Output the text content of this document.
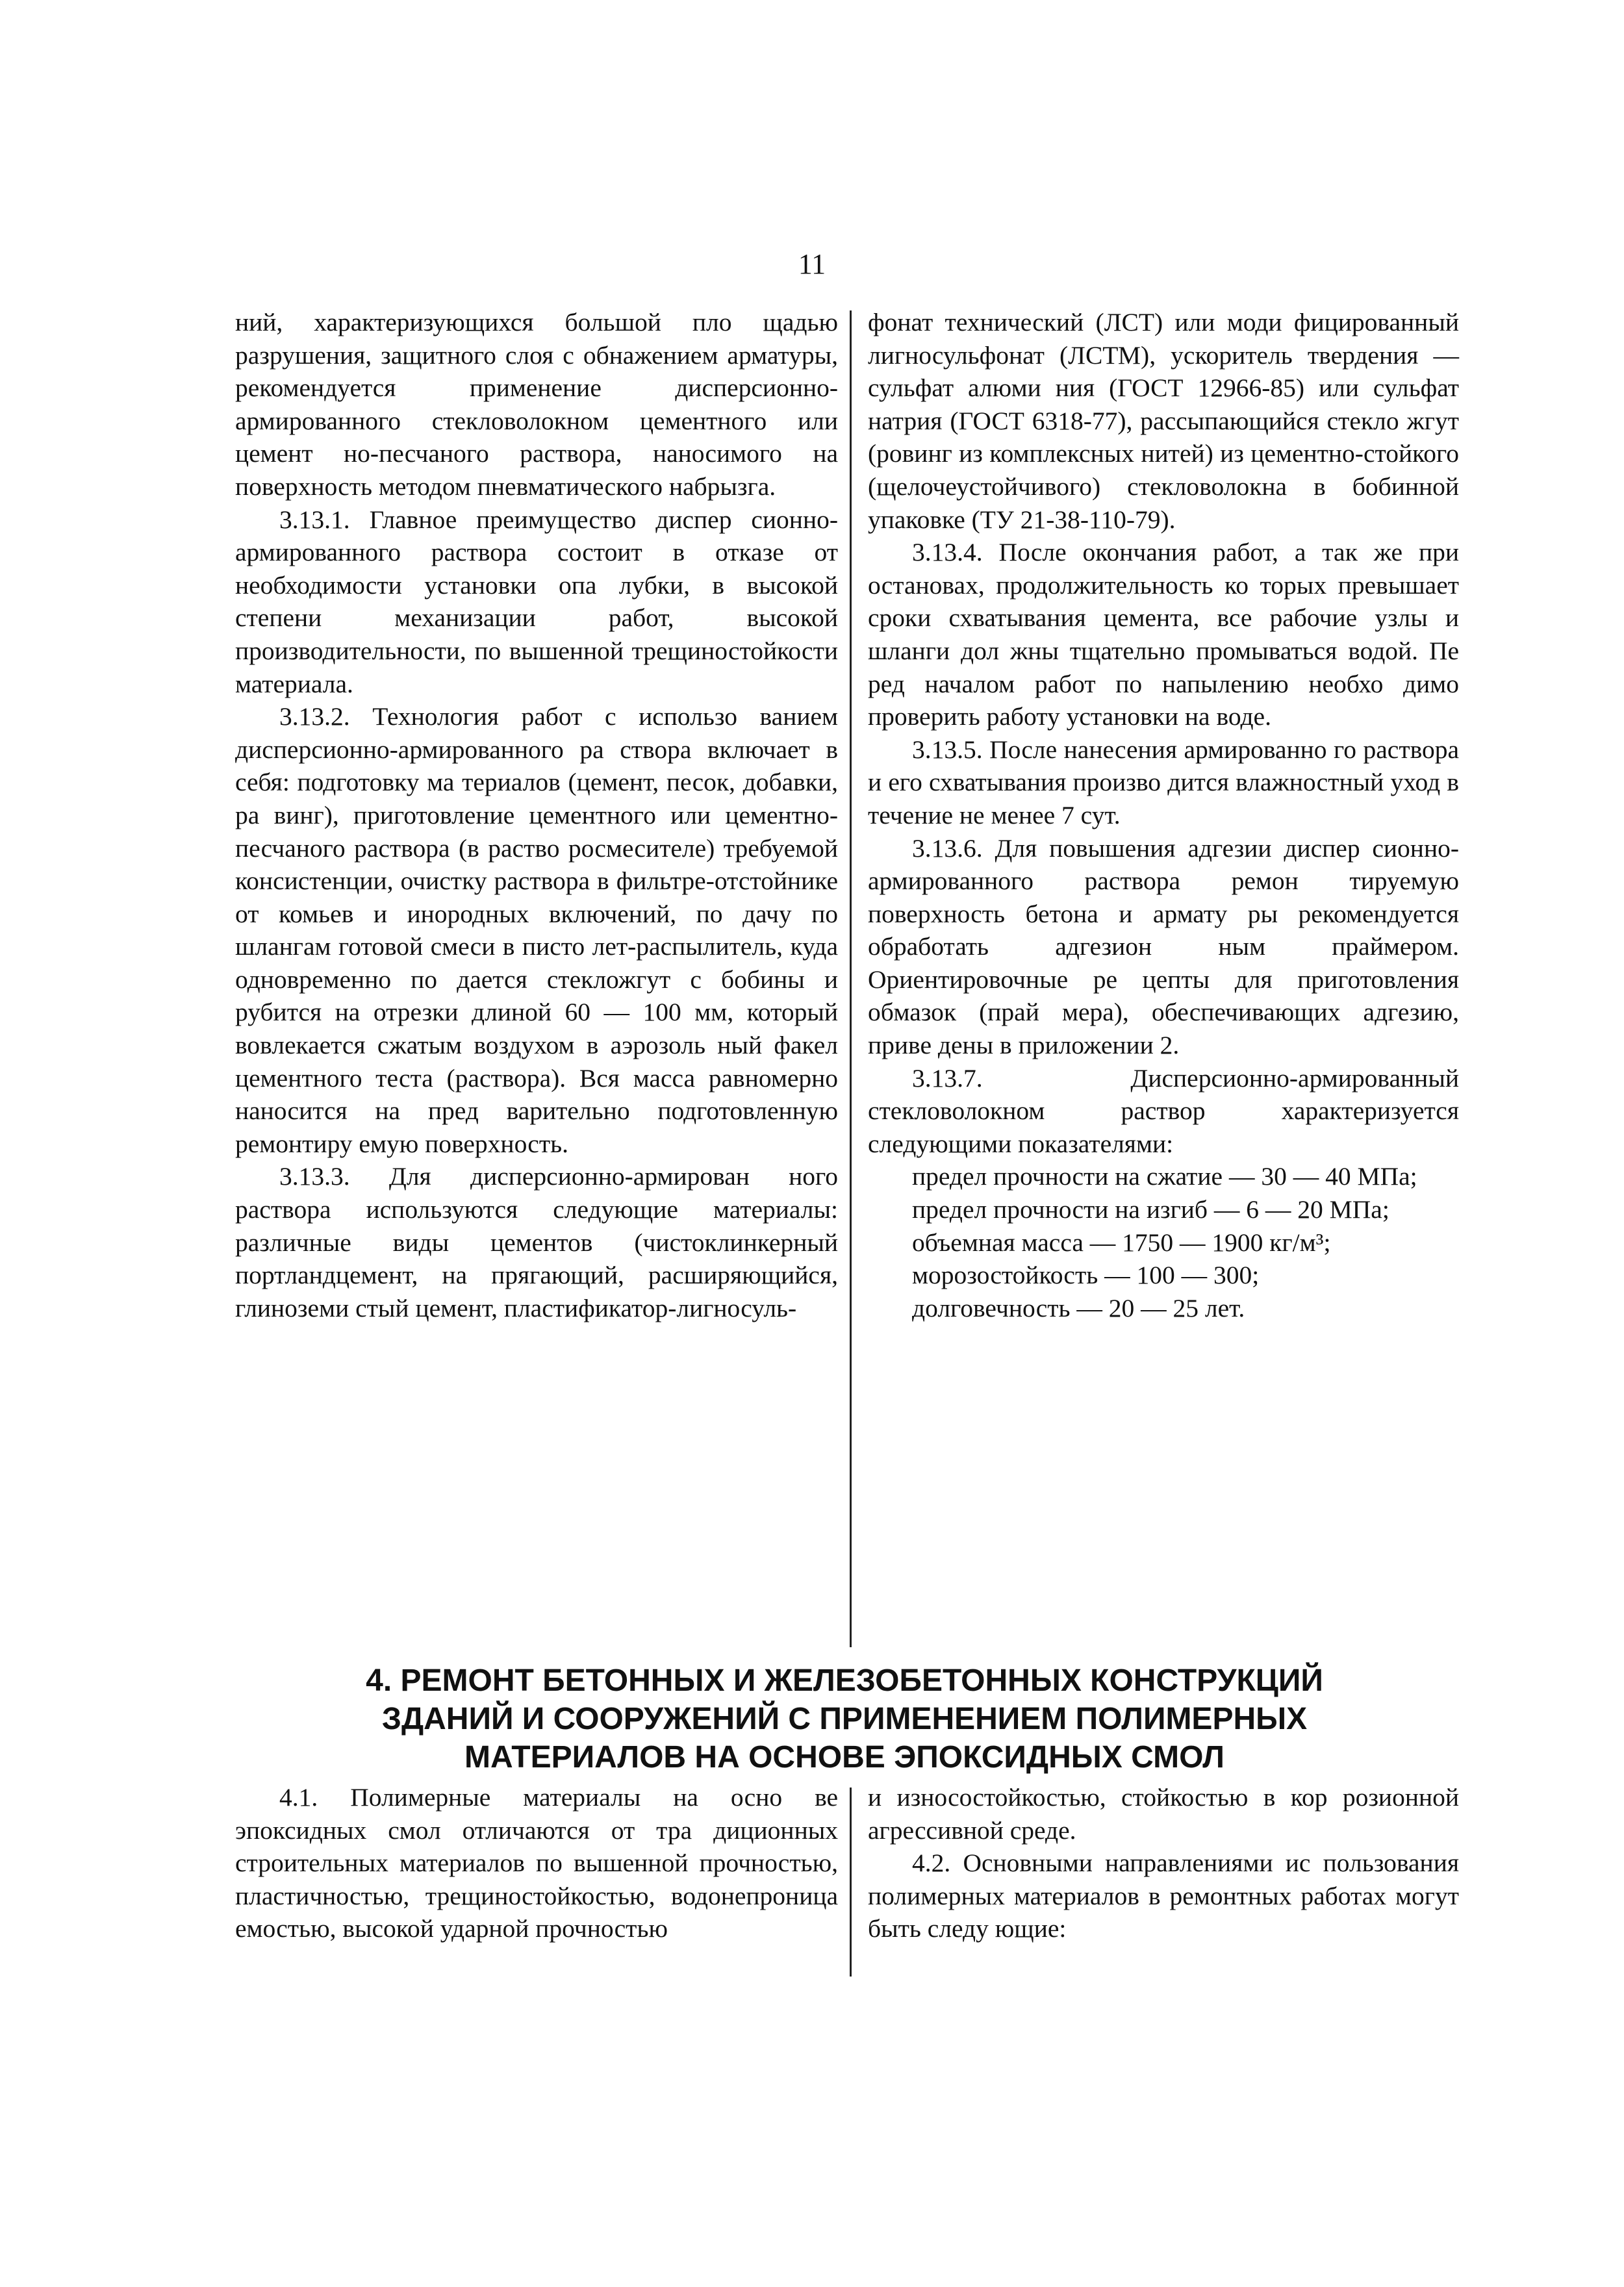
11

ний, характеризующихся большой пло щадью разрушения, защитного слоя с обнажением арматуры, рекомендуется	применение дисперсионно-армированного стекловолокном цементного или цемент но-песчаного раствора, наносимого на поверхность методом пневматического набрызга.

3.13.1. Главное преимущество диспер сионно-армированного раствора состоит в отказе от необходимости установки опа лубки, в высокой степени механизации	работ, высокой производительности, по вышенной трещиностойкости материала.

3.13.2. Технология работ с использо ванием дисперсионно-армированного ра створа включает в себя: подготовку ма териалов (цемент, песок, добавки, ра винг), приготовление цементного или цементно-песчаного раствора (в раство росмесителе) требуемой консистенции, очистку раствора в фильтре-отстойнике от комьев и инородных включений, по дачу по шлангам готовой смеси в писто лет-распылитель, куда одновременно по дается стекложгут с бобины и рубится на отрезки длиной 60 — 100 мм, который вовлекается сжатым воздухом в аэрозоль ный факел цементного теста (раствора). Вся масса равномерно наносится на пред варительно подготовленную ремонтиру емую поверхность.

3.13.3. Для дисперсионно-армирован ного раствора используются следующие материалы: различные виды цементов (чистоклинкерный портландцемент, на прягающий, расширяющийся, глиноземи стый цемент, пластификатор-лигносуль-

фонат технический (ЛСТ) или моди фицированный лигносульфонат (ЛСТМ), ускоритель твердения — сульфат алюми ния (ГОСТ 12966-85) или сульфат натрия (ГОСТ 6318-77), рассыпающийся стекло жгут (ровинг из комплексных нитей) из цементно-стойкого (щелочеустойчивого) стекловолокна в бобинной упаковке (ТУ 21-38-110-79).

3.13.4. После окончания работ, а так же при остановах, продолжительность ко торых превышает сроки схватывания цемента, все рабочие узлы и шланги дол жны тщательно промываться водой. Пе ред началом работ по напылению необхо димо проверить работу установки на воде.

3.13.5. После нанесения армированно го раствора и его схватывания произво дится влажностный уход в течение не менее 7 сут.

3.13.6. Для повышения адгезии диспер сионно-армированного раствора ремон тируемую поверхность бетона и армату ры рекомендуется обработать адгезион	ным праймером. Ориентировочные ре цепты для приготовления обмазок (прай мера), обеспечивающих адгезию, приве дены в приложении 2.

3.13.7. Дисперсионно-армированный стекловолокном раствор характеризуется следующими показателями:

предел прочности на сжатие — 30 — 40 МПа;

предел прочности на изгиб — 6 — 20 МПа;

объемная масса — 1750 — 1900 кг/м³;

морозостойкость — 100 — 300;

долговечность — 20 — 25 лет.

4. РЕМОНТ БЕТОННЫХ И ЖЕЛЕЗОБЕТОННЫХ КОНСТРУКЦИЙ
ЗДАНИЙ И СООРУЖЕНИЙ С ПРИМЕНЕНИЕМ ПОЛИМЕРНЫХ
МАТЕРИАЛОВ НА ОСНОВЕ ЭПОКСИДНЫХ СМОЛ

4.1. Полимерные материалы на осно ве эпоксидных смол отличаются от тра диционных строительных материалов по вышенной прочностью, пластичностью, трещиностойкостью, водонепроница емостью, высокой ударной прочностью

и износостойкостью, стойкостью в кор розионной агрессивной среде.

4.2. Основными направлениями ис пользования полимерных материалов в ремонтных работах могут быть следу ющие:
